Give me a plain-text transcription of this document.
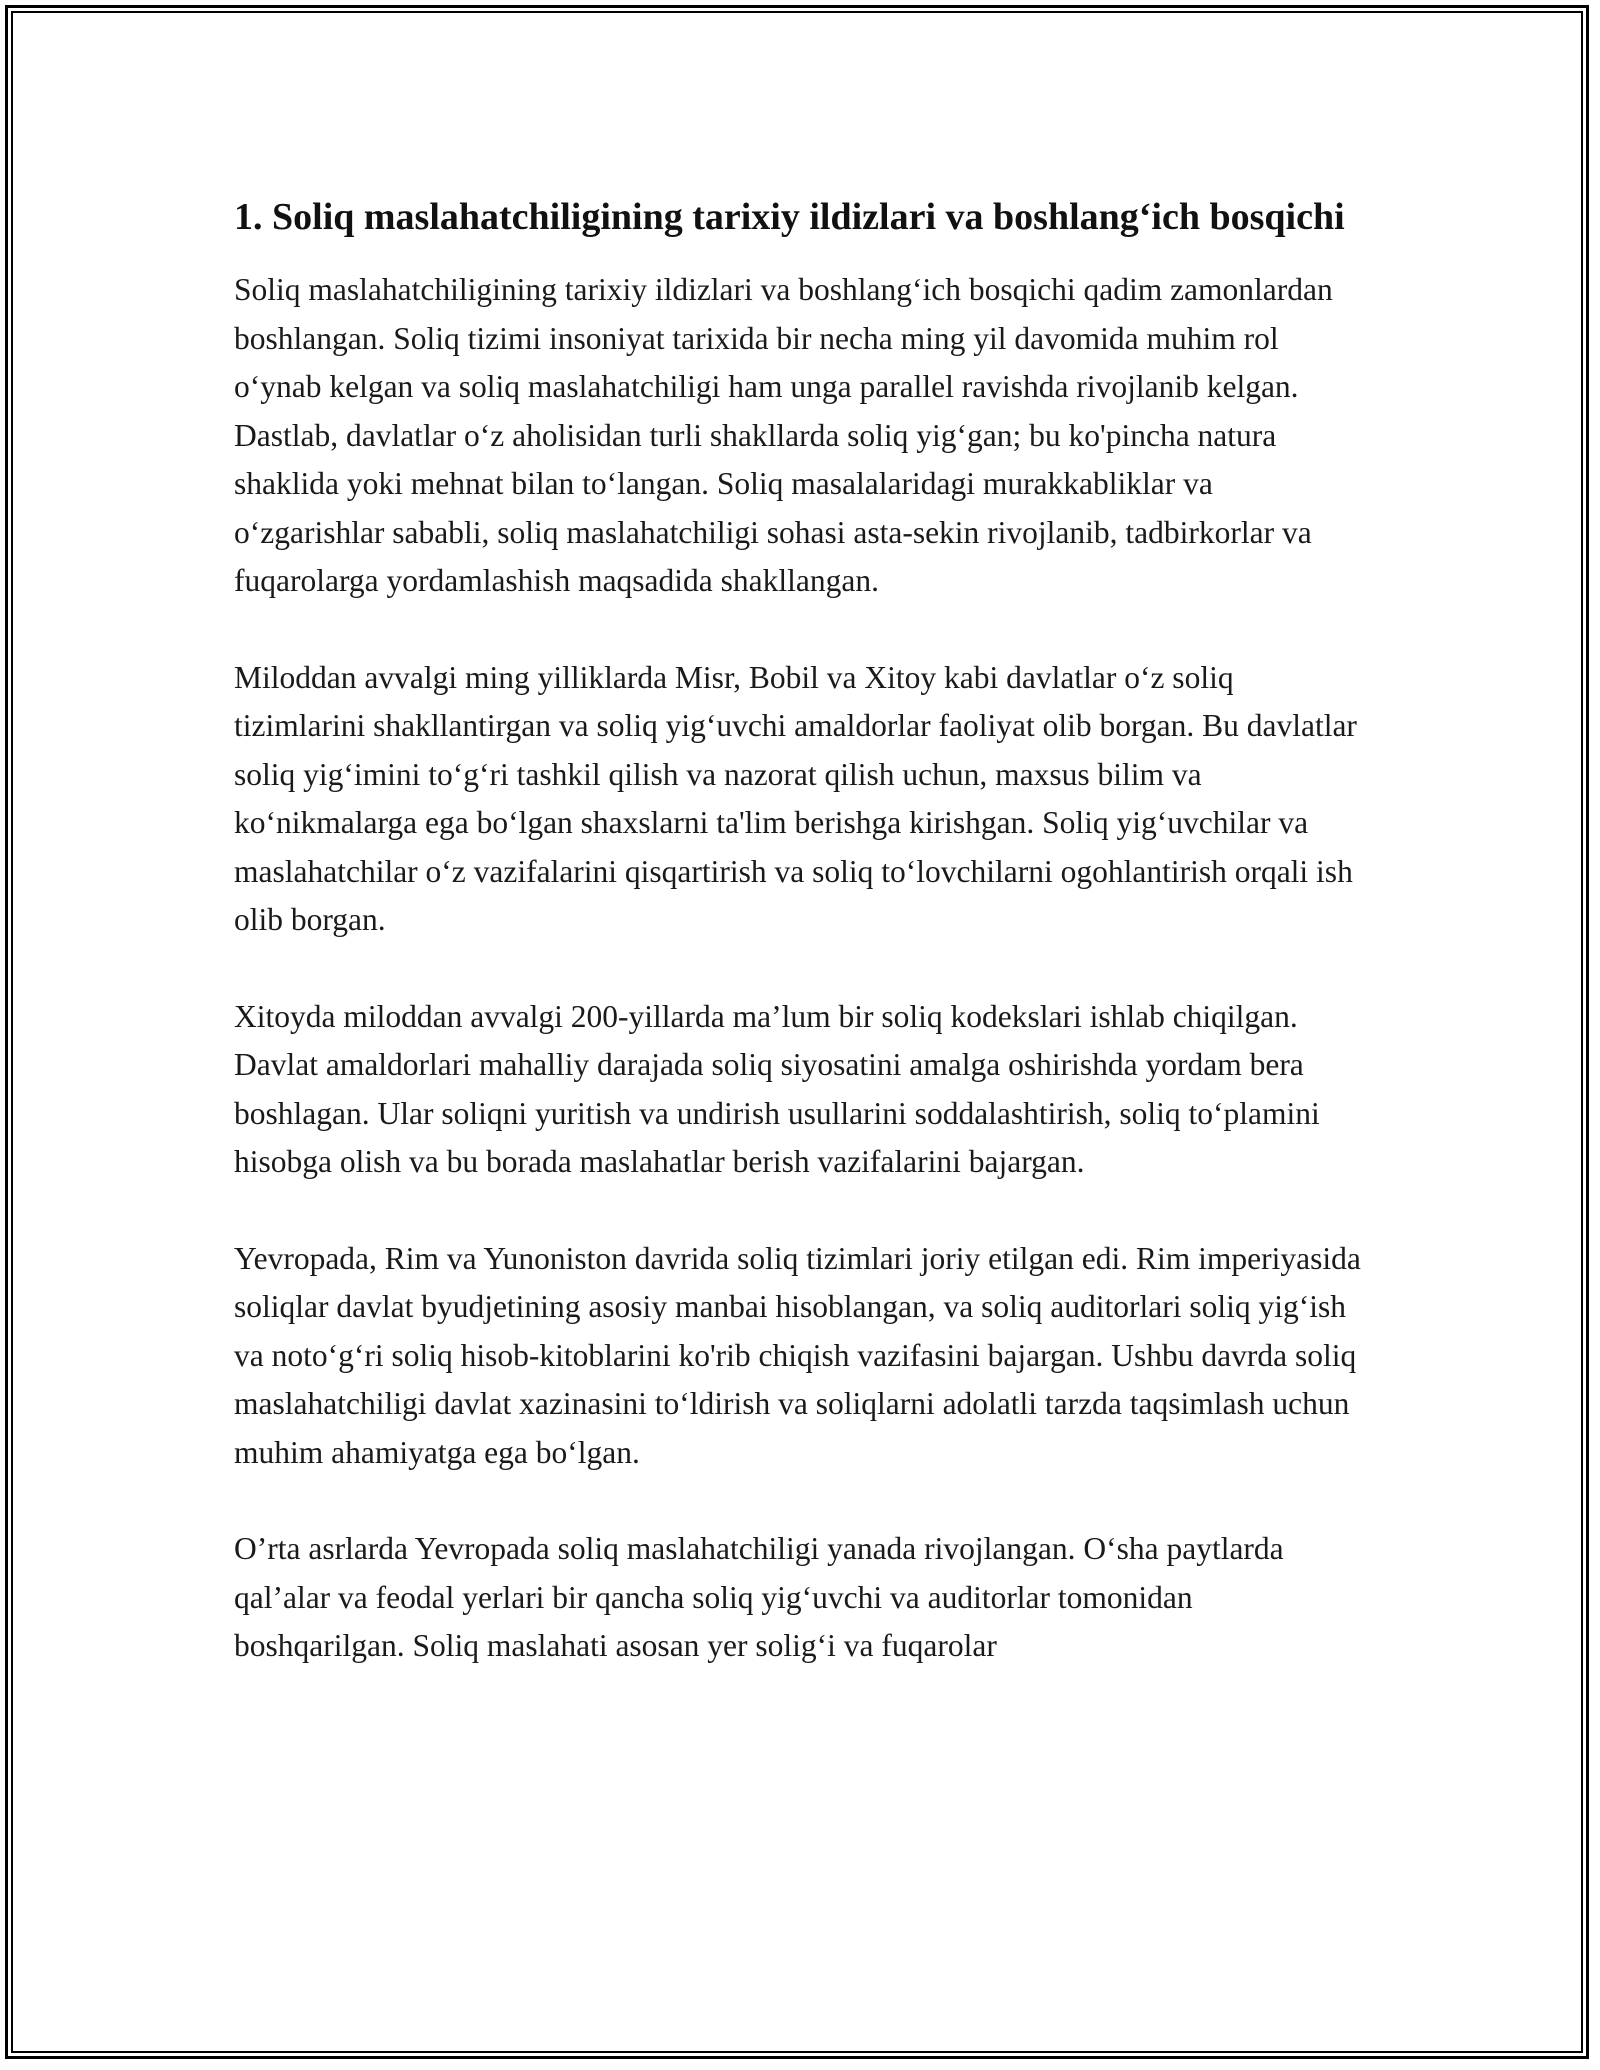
1. Soliq maslahatchiligining tarixiy ildizlari va boshlang‘ich bosqichi

Soliq maslahatchiligining tarixiy ildizlari va boshlang‘ich bosqichi qadim zamonlardan boshlangan. Soliq tizimi insoniyat tarixida bir necha ming yil davomida muhim rol o‘ynab kelgan va soliq maslahatchiligi ham unga parallel ravishda rivojlanib kelgan. Dastlab, davlatlar o‘z aholisidan turli shakllarda soliq yig‘gan; bu ko'pincha natura shaklida yoki mehnat bilan to‘langan. Soliq masalalaridagi murakkabliklar va o‘zgarishlar sababli, soliq maslahatchiligi sohasi asta-sekin rivojlanib, tadbirkorlar va fuqarolarga yordamlashish maqsadida shakllangan.

Miloddan avvalgi ming yilliklarda Misr, Bobil va Xitoy kabi davlatlar o‘z soliq tizimlarini shakllantirgan va soliq yig‘uvchi amaldorlar faoliyat olib borgan. Bu davlatlar soliq yig‘imini to‘g‘ri tashkil qilish va nazorat qilish uchun, maxsus bilim va ko‘nikmalarga ega bo‘lgan shaxslarni ta'lim berishga kirishgan. Soliq yig‘uvchilar va maslahatchilar o‘z vazifalarini qisqartirish va soliq to‘lovchilarni ogohlantirish orqali ish olib borgan.

Xitoyda miloddan avvalgi 200-yillarda ma’lum bir soliq kodekslari ishlab chiqilgan. Davlat amaldorlari mahalliy darajada soliq siyosatini amalga oshirishda yordam bera boshlagan. Ular soliqni yuritish va undirish usullarini soddalashtirish, soliq to‘plamini hisobga olish va bu borada maslahatlar berish vazifalarini bajargan.

Yevropada, Rim va Yunoniston davrida soliq tizimlari joriy etilgan edi. Rim imperiyasida soliqlar davlat byudjetining asosiy manbai hisoblangan, va soliq auditorlari soliq yig‘ish va noto‘g‘ri soliq hisob-kitoblarini ko'rib chiqish vazifasini bajargan. Ushbu davrda soliq maslahatchiligi davlat xazinasini to‘ldirish va soliqlarni adolatli tarzda taqsimlash uchun muhim ahamiyatga ega bo‘lgan.

O’rta asrlarda Yevropada soliq maslahatchiligi yanada rivojlangan. O‘sha paytlarda qal’alar va feodal yerlari bir qancha soliq yig‘uvchi va auditorlar tomonidan boshqarilgan. Soliq maslahati asosan yer solig‘i va fuqarolar
